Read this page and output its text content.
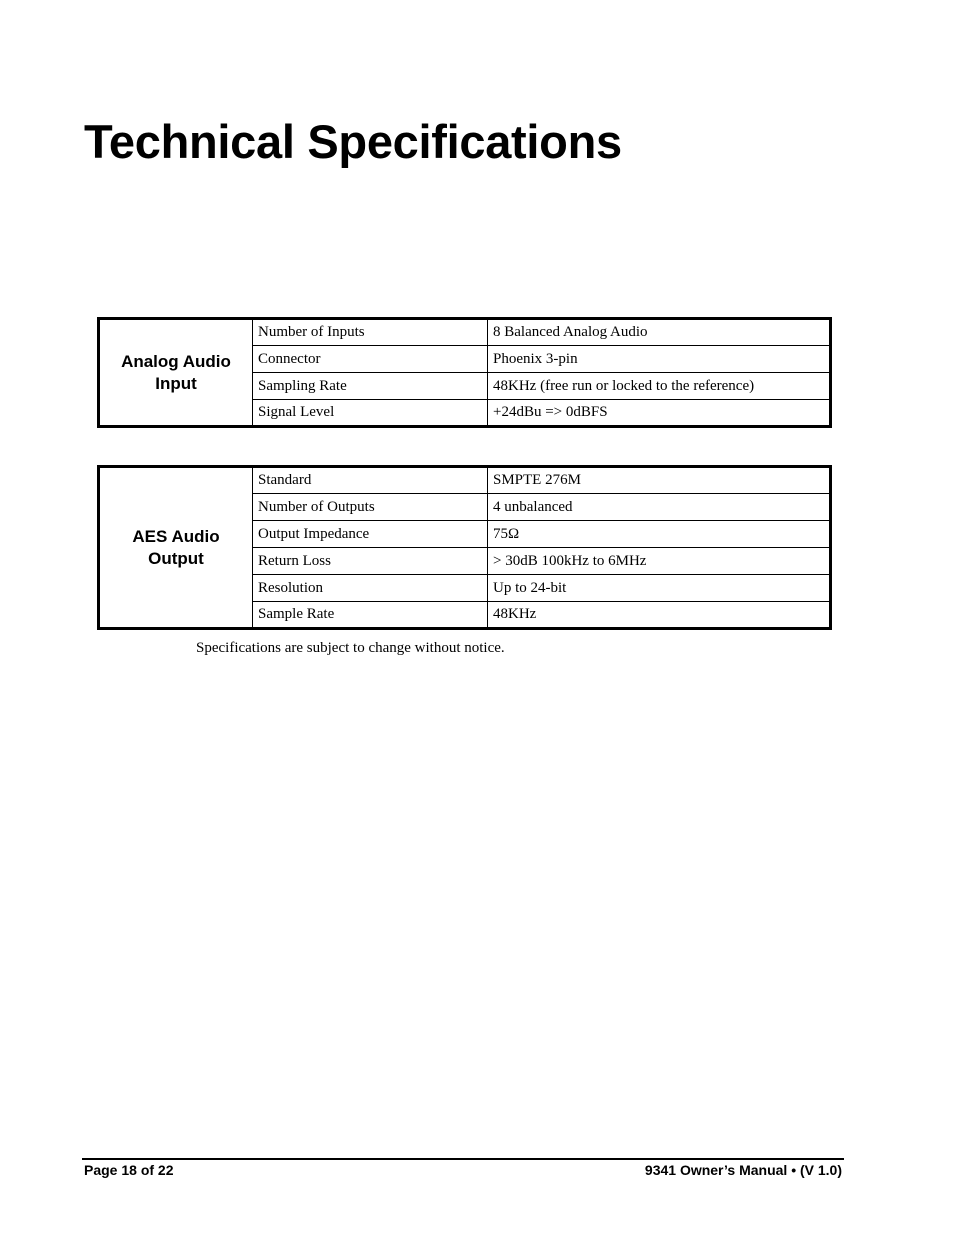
Technical Specifications
Analog Audio Input	Number of Inputs	8 Balanced Analog Audio
	Connector	Phoenix 3-pin
	Sampling Rate	48KHz (free run or locked to the reference)
	Signal Level	+24dBu => 0dBFS
AES Audio Output	Standard	SMPTE 276M
	Number of Outputs	4 unbalanced
	Output Impedance	75Ω
	Return Loss	> 30dB 100kHz to 6MHz
	Resolution	Up to 24-bit
	Sample Rate	48KHz
Specifications are subject to change without notice.
Page 18 of 22	9341 Owner’s Manual • (V 1.0)
